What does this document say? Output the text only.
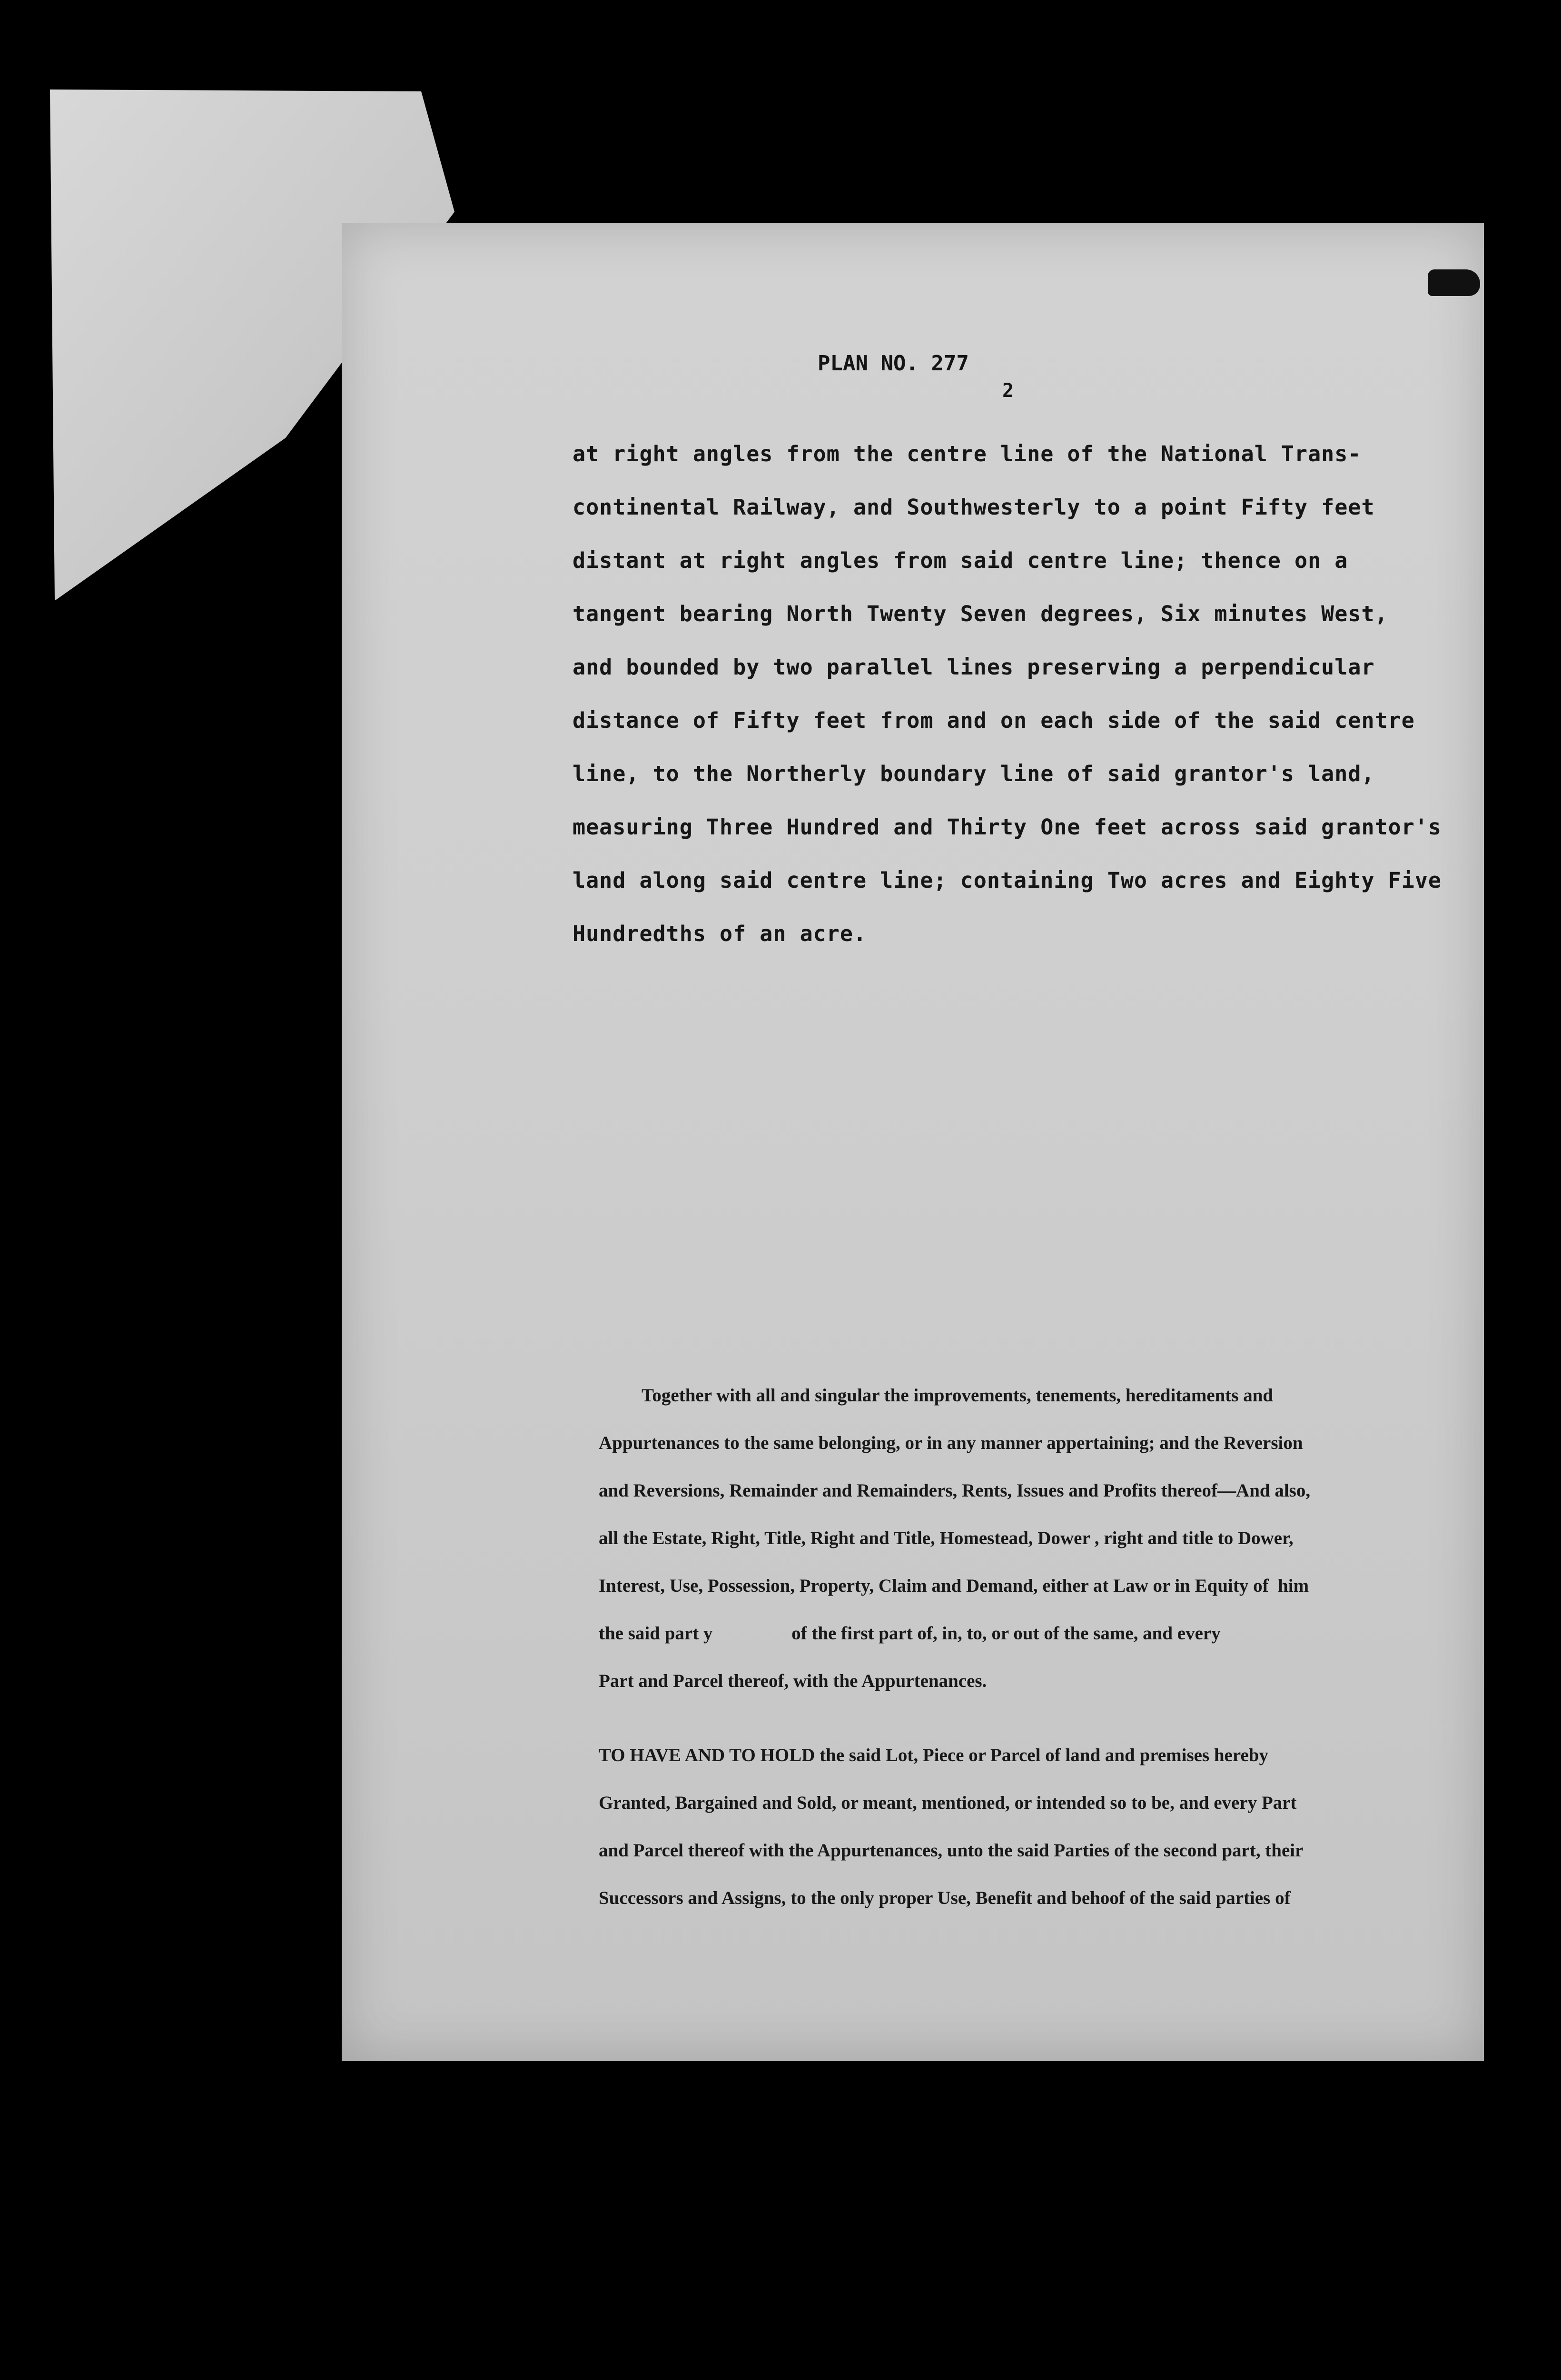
PLAN NO. 277
2
at right angles from the centre line of the National Trans-
continental Railway, and Southwesterly to a point Fifty feet
distant at right angles from said centre line; thence on a
tangent bearing North Twenty Seven degrees, Six minutes West,
and bounded by two parallel lines preserving a perpendicular
distance of Fifty feet from and on each side of the said centre
line, to the Northerly boundary line of said grantor's land,
measuring Three Hundred and Thirty One feet across said grantor's
land along said centre line; containing Two acres and Eighty Five
Hundredths of an acre.
Together with all and singular the improvements, tenements, hereditaments and
Appurtenances to the same belonging, or in any manner appertaining; and the Reversion
and Reversions, Remainder and Remainders, Rents, Issues and Profits thereof—And also,
all the Estate, Right, Title, Right and Title, Homestead, Dower , right and title to Dower,
Interest, Use, Possession, Property, Claim and Demand, either at Law or in Equity of  him
the said part y                 of the first part of, in, to, or out of the same, and every
Part and Parcel thereof, with the Appurtenances.
TO HAVE AND TO HOLD the said Lot, Piece or Parcel of land and premises hereby
Granted, Bargained and Sold, or meant, mentioned, or intended so to be, and every Part
and Parcel thereof with the Appurtenances, unto the said Parties of the second part, their
Successors and Assigns, to the only proper Use, Benefit and behoof of the said parties of
